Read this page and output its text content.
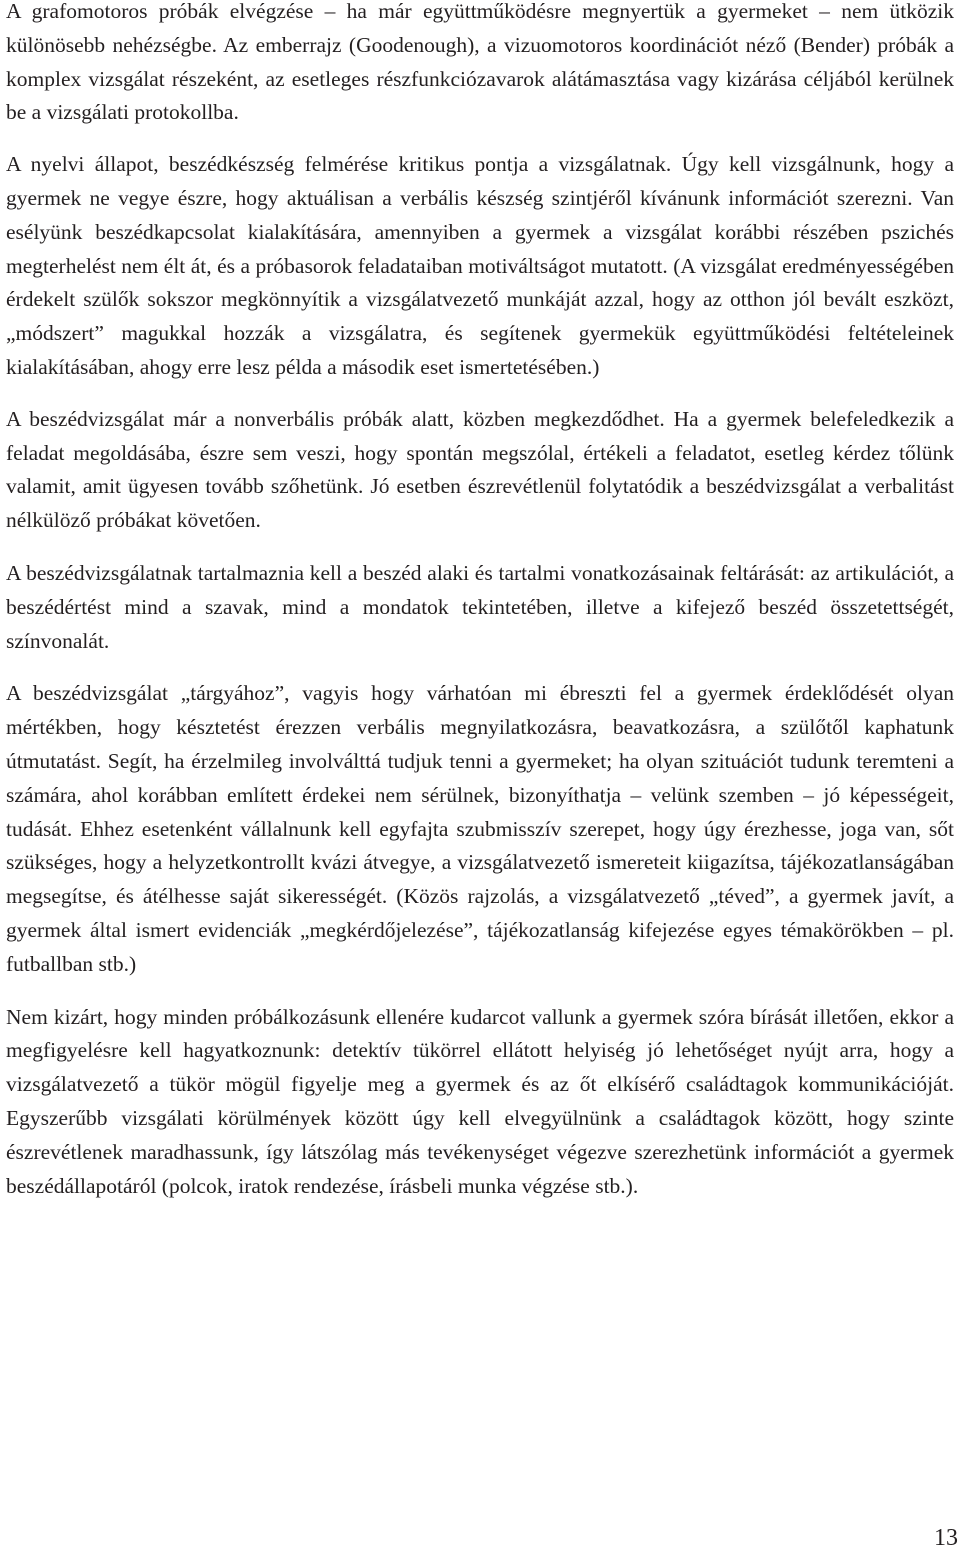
A grafomotoros próbák elvégzése – ha már együttműködésre megnyertük a gyermeket – nem ütközik különösebb nehézségbe. Az emberrajz (Goodenough), a vizuomotoros koordinációt néző (Bender) próbák a komplex vizsgálat részeként, az esetleges részfunkciózavarok alátámasztása vagy kizárása céljából kerülnek be a vizsgálati protokollba.

A nyelvi állapot, beszédkészség felmérése kritikus pontja a vizsgálatnak. Úgy kell vizsgálnunk, hogy a gyermek ne vegye észre, hogy aktuálisan a verbális készség szintjéről kívánunk információt szerezni. Van esélyünk beszédkapcsolat kialakítására, amennyiben a gyermek a vizsgálat korábbi részében pszichés megterhelést nem élt át, és a próbasorok feladataiban motiváltságot mutatott. (A vizsgálat eredményességében érdekelt szülők sokszor megkönnyítik a vizsgálatvezető munkáját azzal, hogy az otthon jól bevált eszközt, „módszert” magukkal hozzák a vizsgálatra, és segítenek gyermekük együttműködési feltételeinek kialakításában, ahogy erre lesz példa a második eset ismertetésében.)

A beszédvizsgálat már a nonverbális próbák alatt, közben megkezdődhet. Ha a gyermek belefeledkezik a feladat megoldásába, észre sem veszi, hogy spontán megszólal, értékeli a feladatot, esetleg kérdez tőlünk valamit, amit ügyesen tovább szőhetünk. Jó esetben észrevétlenül folytatódik a beszédvizsgálat a verbalitást nélkülöző próbákat követően.

A beszédvizsgálatnak tartalmaznia kell a beszéd alaki és tartalmi vonatkozásainak feltárását: az artikulációt, a beszédértést mind a szavak, mind a mondatok tekintetében, illetve a kifejező beszéd összetettségét, színvonalát.

A beszédvizsgálat „tárgyához”, vagyis hogy várhatóan mi ébreszti fel a gyermek érdeklődését olyan mértékben, hogy késztetést érezzen verbális megnyilatkozásra, beavatkozásra, a szülőtől kaphatunk útmutatást. Segít, ha érzelmileg involválttá tudjuk tenni a gyermeket; ha olyan szituációt tudunk teremteni a számára, ahol korábban említett érdekei nem sérülnek, bizonyíthatja – velünk szemben – jó képességeit, tudását. Ehhez esetenként vállalnunk kell egyfajta szubmisszív szerepet, hogy úgy érezhesse, joga van, sőt szükséges, hogy a helyzetkontrollt kvázi átvegye, a vizsgálatvezető ismereteit kiigazítsa, tájékozatlanságában megsegítse, és átélhesse saját sikerességét. (Közös rajzolás, a vizsgálatvezető „téved”, a gyermek javít, a gyermek által ismert evidenciák „megkérdőjelezése”, tájékozatlanság kifejezése egyes témakörökben – pl. futballban stb.)

Nem kizárt, hogy minden próbálkozásunk ellenére kudarcot vallunk a gyermek szóra bírását illetően, ekkor a megfigyelésre kell hagyatkoznunk: detektív tükörrel ellátott helyiség jó lehetőséget nyújt arra, hogy a vizsgálatvezető a tükör mögül figyelje meg a gyermek és az őt elkísérő családtagok kommunikációját. Egyszerűbb vizsgálati körülmények között úgy kell elvegyülnünk a családtagok között, hogy szinte észrevétlenek maradhassunk, így látszólag más tevékenységet végezve szerezhetünk információt a gyermek beszédállapotáról (polcok, iratok rendezése, írásbeli munka végzése stb.).

13
